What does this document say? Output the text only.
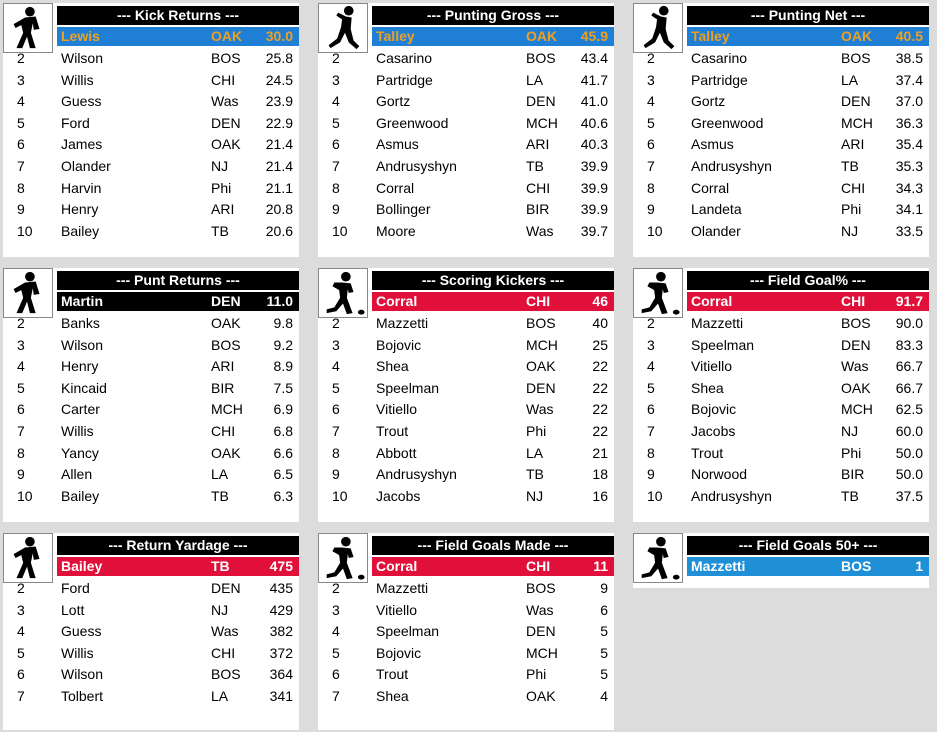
--- Kick Returns ---
Lewis	OAK	30.0
2	Wilson	BOS	25.8
3	Willis	CHI	24.5
4	Guess	Was	23.9
5	Ford	DEN	22.9
6	James	OAK	21.4
7	Olander	NJ	21.4
8	Harvin	Phi	21.1
9	Henry	ARI	20.8
10	Bailey	TB	20.6
--- Punting Gross ---
Talley	OAK	45.9
2	Casarino	BOS	43.4
3	Partridge	LA	41.7
4	Gortz	DEN	41.0
5	Greenwood	MCH	40.6
6	Asmus	ARI	40.3
7	Andrusyshyn	TB	39.9
8	Corral	CHI	39.9
9	Bollinger	BIR	39.9
10	Moore	Was	39.7
--- Punting Net ---
Talley	OAK	40.5
2	Casarino	BOS	38.5
3	Partridge	LA	37.4
4	Gortz	DEN	37.0
5	Greenwood	MCH	36.3
6	Asmus	ARI	35.4
7	Andrusyshyn	TB	35.3
8	Corral	CHI	34.3
9	Landeta	Phi	34.1
10	Olander	NJ	33.5
--- Punt Returns ---
Martin	DEN	11.0
2	Banks	OAK	9.8
3	Wilson	BOS	9.2
4	Henry	ARI	8.9
5	Kincaid	BIR	7.5
6	Carter	MCH	6.9
7	Willis	CHI	6.8
8	Yancy	OAK	6.6
9	Allen	LA	6.5
10	Bailey	TB	6.3
--- Scoring Kickers ---
Corral	CHI	46
2	Mazzetti	BOS	40
3	Bojovic	MCH	25
4	Shea	OAK	22
5	Speelman	DEN	22
6	Vitiello	Was	22
7	Trout	Phi	22
8	Abbott	LA	21
9	Andrusyshyn	TB	18
10	Jacobs	NJ	16
--- Field Goal% ---
Corral	CHI	91.7
2	Mazzetti	BOS	90.0
3	Speelman	DEN	83.3
4	Vitiello	Was	66.7
5	Shea	OAK	66.7
6	Bojovic	MCH	62.5
7	Jacobs	NJ	60.0
8	Trout	Phi	50.0
9	Norwood	BIR	50.0
10	Andrusyshyn	TB	37.5
--- Return Yardage ---
Bailey	TB	475
2	Ford	DEN	435
3	Lott	NJ	429
4	Guess	Was	382
5	Willis	CHI	372
6	Wilson	BOS	364
7	Tolbert	LA	341
--- Field Goals Made ---
Corral	CHI	11
2	Mazzetti	BOS	9
3	Vitiello	Was	6
4	Speelman	DEN	5
5	Bojovic	MCH	5
6	Trout	Phi	5
7	Shea	OAK	4
--- Field Goals 50+ ---
Mazzetti	BOS	1
